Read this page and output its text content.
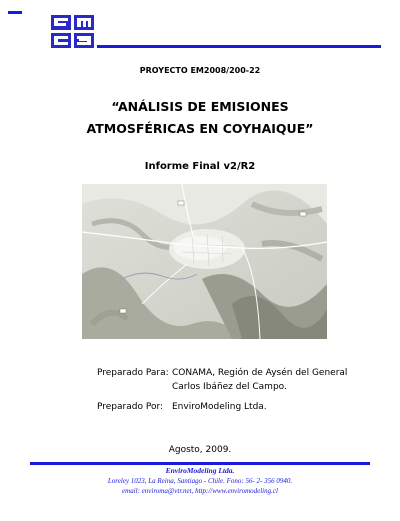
PROYECTO EM2008/200-22
“ANÁLISIS DE EMISIONES
ATMOSFÉRICAS EN COYHAIQUE”
Informe Final v2/R2
Preparado Para: CONAMA, Región de Aysén del General
Carlos Ibáñez del Campo.
Preparado Por: EnviroModeling Ltda.
Agosto, 2009.
EnviroModeling Ltda.
Loreley 1023, La Reina, Santiago - Chile. Fono: 56- 2- 356 0940.
email: enviroma@vtr.net, http://www.enviromodeling.cl
